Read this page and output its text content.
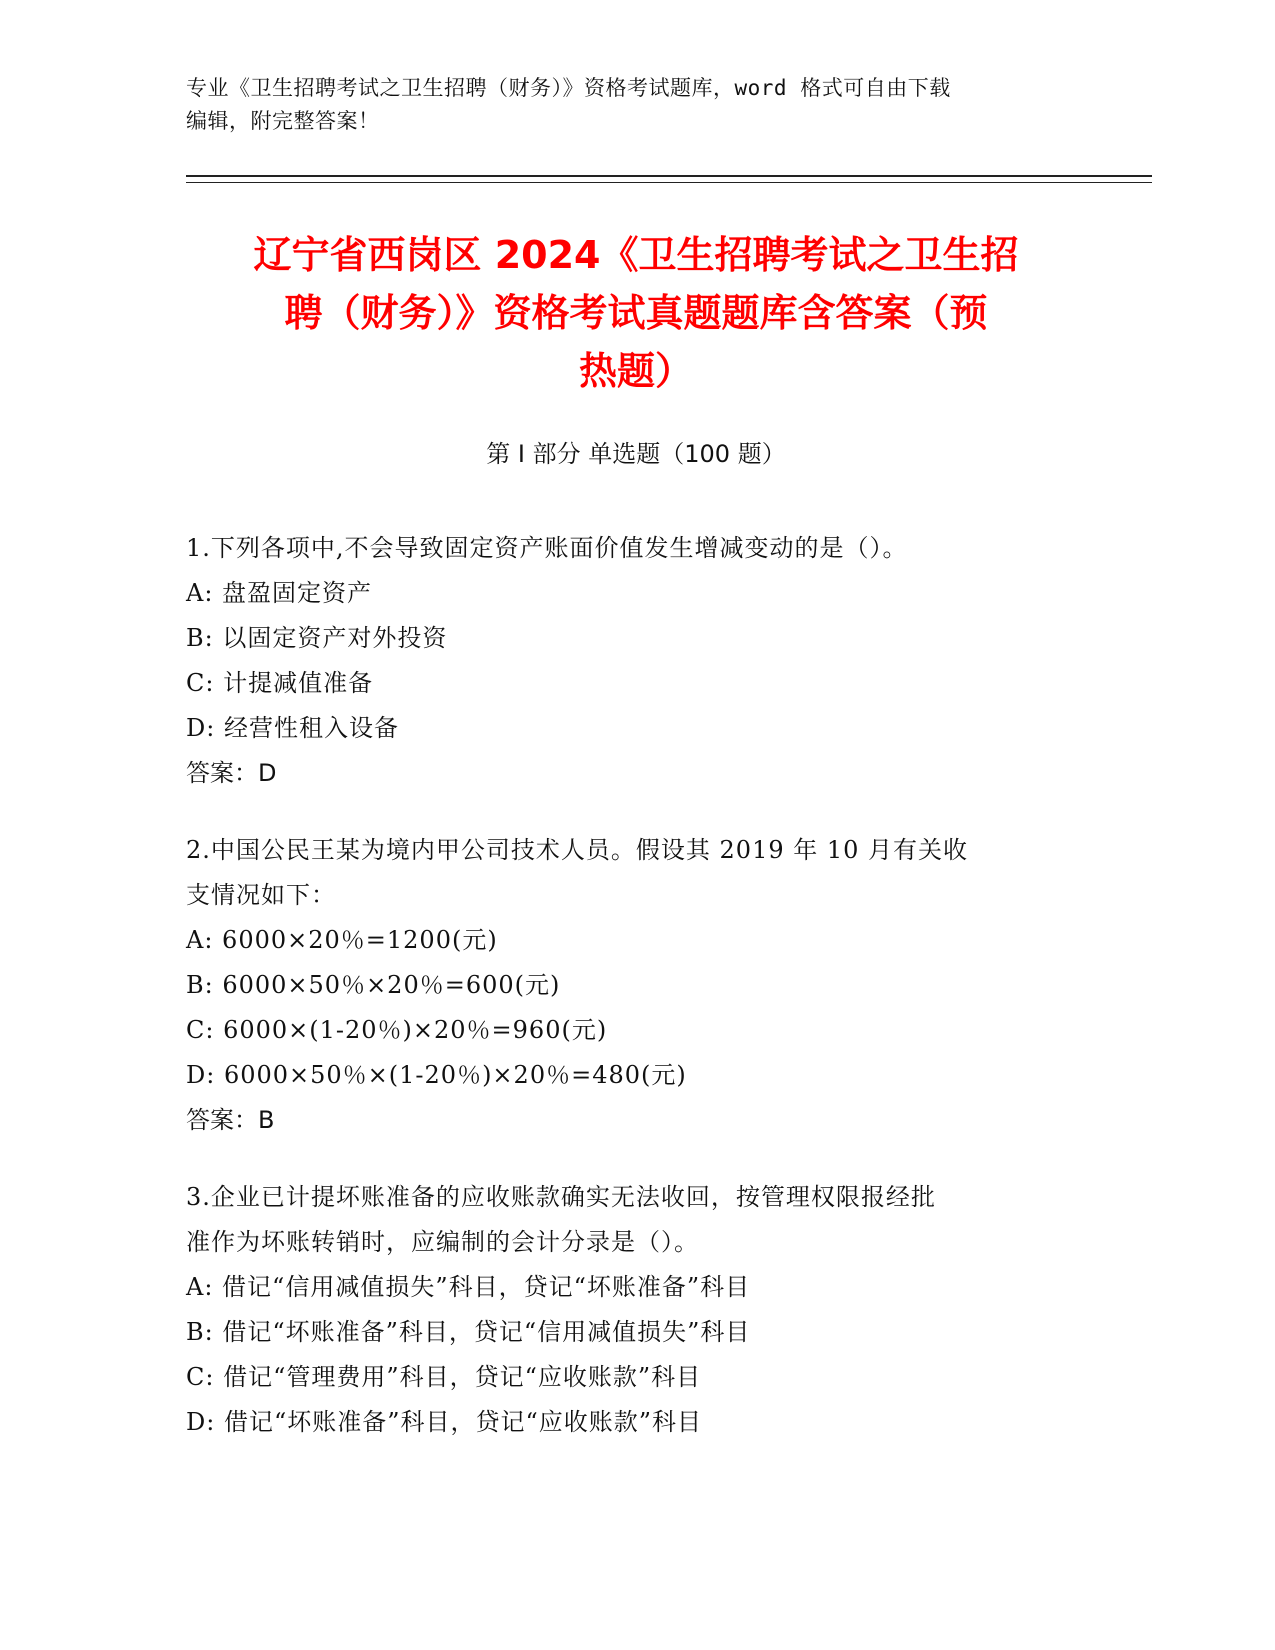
专业《卫生招聘考试之卫生招聘（财务）》资格考试题库，word 格式可自由下载
编辑，附完整答案！
辽宁省西岗区 2024《卫生招聘考试之卫生招
聘（财务）》资格考试真题题库含答案（预
热题）
第 I 部分 单选题（100 题）
1.下列各项中,不会导致固定资产账面价值发生增减变动的是（）。
A: 盘盈固定资产
B: 以固定资产对外投资
C: 计提减值准备
D: 经营性租入设备
答案：D
2.中国公民王某为境内甲公司技术人员。假设其 2019 年 10 月有关收
支情况如下：
A: 6000×20％=1200(元)
B: 6000×50％×20％=600(元)
C: 6000×(1-20％)×20％=960(元)
D: 6000×50％×(1-20％)×20％=480(元)
答案：B
3.企业已计提坏账准备的应收账款确实无法收回，按管理权限报经批
准作为坏账转销时，应编制的会计分录是（）。
A: 借记“信用减值损失”科目，贷记“坏账准备”科目
B: 借记“坏账准备”科目，贷记“信用减值损失”科目
C: 借记“管理费用”科目，贷记“应收账款”科目
D: 借记“坏账准备”科目，贷记“应收账款”科目
